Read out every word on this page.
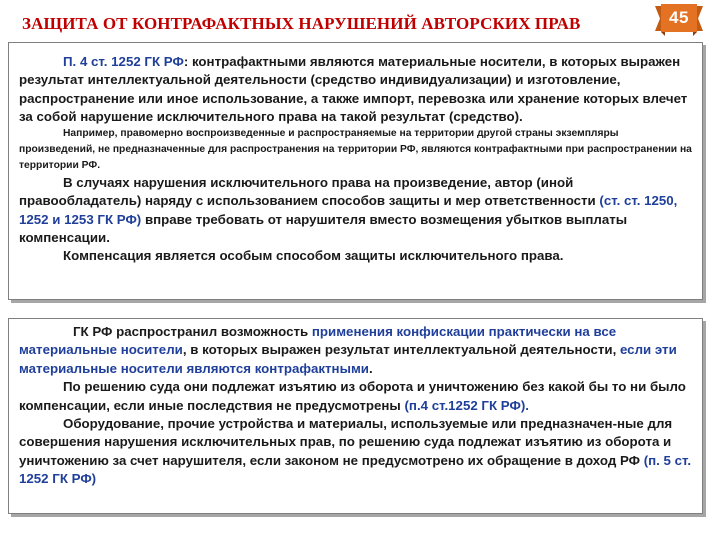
ЗАЩИТА ОТ КОНТРАФАКТНЫХ НАРУШЕНИЙ АВТОРСКИХ ПРАВ	45

П. 4 ст. 1252 ГК РФ: контрафактными являются материальные носители, в которых выражен результат интеллектуальной деятельности (средство индивидуализации) и изготовление, распространение или иное использование, а также импорт, перевозка или хранение которых влечет за собой нарушение исключительного права на такой результат (средство).

Например, правомерно воспроизведенные и распространяемые на территории другой страны экземпляры произведений, не предназначенные для распространения на территории РФ, являются контрафактными при распространении на территории РФ.

В случаях нарушения исключительного права на произведение, автор (иной правообладатель) наряду с использованием способов защиты и мер ответственности (ст. ст. 1250, 1252 и 1253 ГК РФ) вправе требовать от нарушителя вместо возмещения убытков выплаты компенсации.

Компенсация является особым способом защиты исключительного права.

ГК РФ распространил возможность применения конфискации практически на все материальные носители, в которых выражен результат интеллектуальной деятельности, если эти материальные носители являются контрафактными.

По решению суда они подлежат изъятию из оборота и уничтожению без какой бы то ни было компенсации, если иные последствия не предусмотрены (п.4 ст.1252 ГК РФ).

Оборудование, прочие устройства и материалы, используемые или предназначен-ные для совершения нарушения исключительных прав, по решению суда подлежат изъятию из оборота и уничтожению за счет нарушителя, если законом не предусмотрено их обращение в доход РФ (п. 5 ст. 1252 ГК РФ)
